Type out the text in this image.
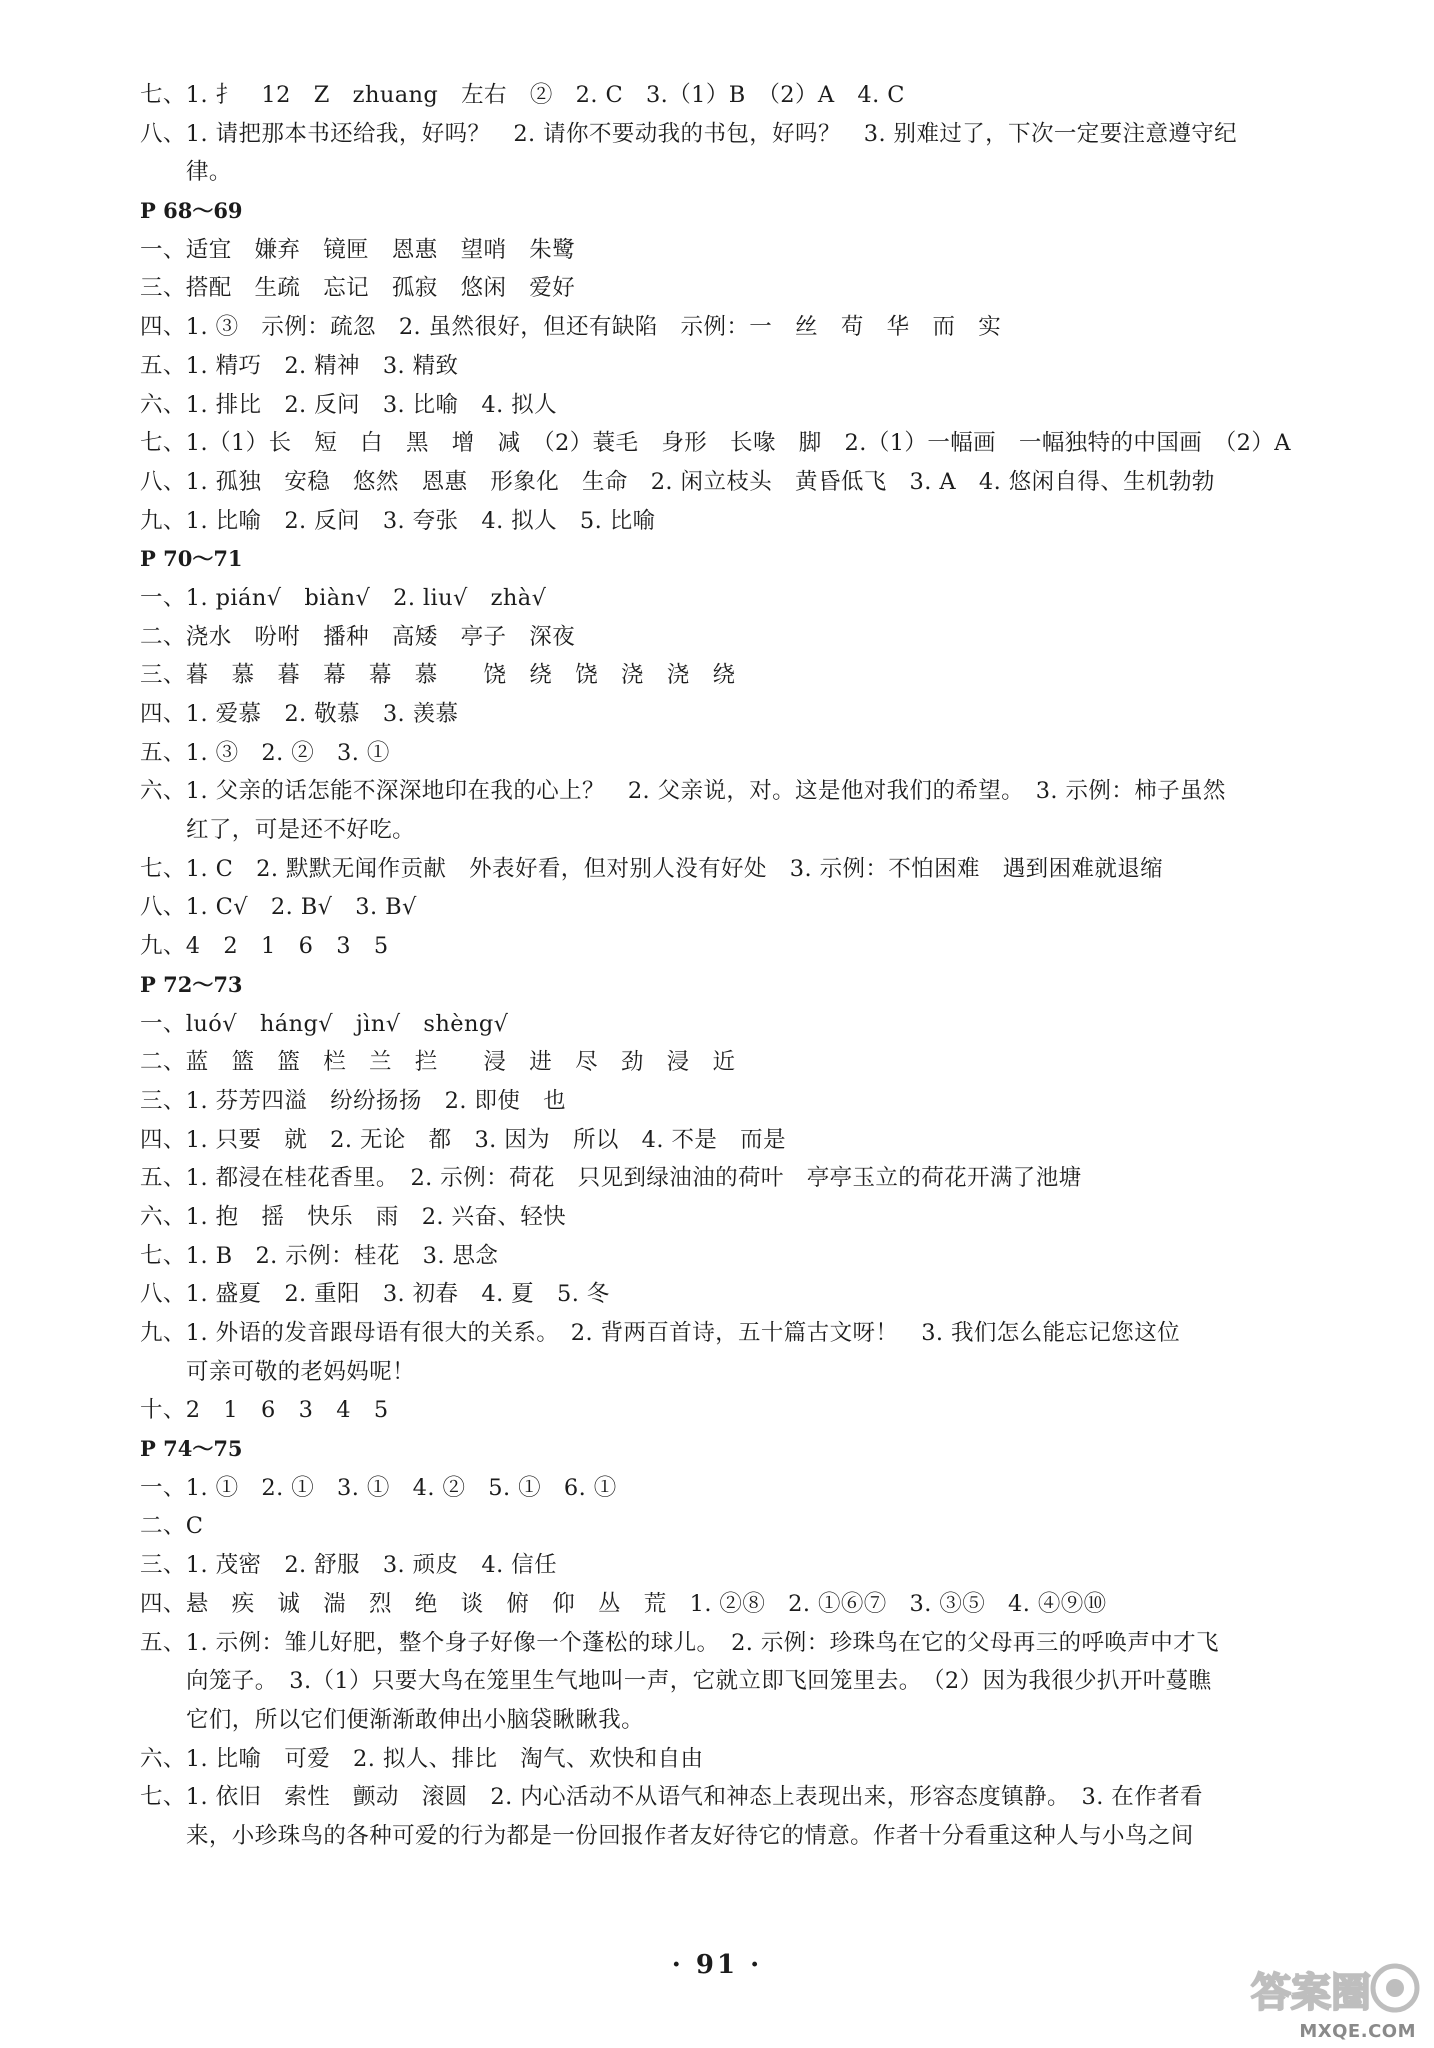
七、1. 扌　12　Z　zhuang　左右　②　2. C　3.（1）B　（2）A　4. C
八、1. 请把那本书还给我，好吗？　2. 请你不要动我的书包，好吗？　3. 别难过了，下次一定要注意遵守纪
律。
P 68～69
一、适宜　嫌弃　镜匣　恩惠　望哨　朱鹭
三、搭配　生疏　忘记　孤寂　悠闲　爱好
四、1. ③　示例：疏忽　2. 虽然很好，但还有缺陷　示例：一　丝　苟　华　而　实
五、1. 精巧　2. 精神　3. 精致
六、1. 排比　2. 反问　3. 比喻　4. 拟人
七、1.（1）长　短　白　黑　增　减　（2）蓑毛　身形　长喙　脚　2.（1）一幅画　一幅独特的中国画　（2）A
八、1. 孤独　安稳　悠然　恩惠　形象化　生命　2. 闲立枝头　黄昏低飞　3. A　4. 悠闲自得、生机勃勃
九、1. 比喻　2. 反问　3. 夸张　4. 拟人　5. 比喻
P 70～71
一、1. pián√　biàn√　2. liu√　zhà√
二、浇水　吩咐　播种　高矮　亭子　深夜
三、暮　慕　暮　幕　幕　慕　　饶　绕　饶　浇　浇　绕
四、1. 爱慕　2. 敬慕　3. 羡慕
五、1. ③　2. ②　3. ①
六、1. 父亲的话怎能不深深地印在我的心上？　2. 父亲说，对。这是他对我们的希望。　3. 示例：柿子虽然
红了，可是还不好吃。
七、1. C　2. 默默无闻作贡献　外表好看，但对别人没有好处　3. 示例：不怕困难　遇到困难就退缩
八、1. C√　2. B√　3. B√
九、4　2　1　6　3　5
P 72～73
一、luó√　háng√　jìn√　shèng√
二、蓝　篮　篮　栏　兰　拦　　浸　进　尽　劲　浸　近
三、1. 芬芳四溢　纷纷扬扬　2. 即使　也
四、1. 只要　就　2. 无论　都　3. 因为　所以　4. 不是　而是
五、1. 都浸在桂花香里。　2. 示例：荷花　只见到绿油油的荷叶　亭亭玉立的荷花开满了池塘
六、1. 抱　摇　快乐　雨　2. 兴奋、轻快
七、1. B　2. 示例：桂花　3. 思念
八、1. 盛夏　2. 重阳　3. 初春　4. 夏　5. 冬
九、1. 外语的发音跟母语有很大的关系。　2. 背两百首诗，五十篇古文呀！　3. 我们怎么能忘记您这位
可亲可敬的老妈妈呢！
十、2　1　6　3　4　5
P 74～75
一、1. ①　2. ①　3. ①　4. ②　5. ①　6. ①
二、C
三、1. 茂密　2. 舒服　3. 顽皮　4. 信任
四、悬　疾　诚　湍　烈　绝　谈　俯　仰　丛　荒　1. ②⑧　2. ①⑥⑦　3. ③⑤　4. ④⑨⑩
五、1. 示例：雏儿好肥，整个身子好像一个蓬松的球儿。　2. 示例：珍珠鸟在它的父母再三的呼唤声中才飞
向笼子。　3.（1）只要大鸟在笼里生气地叫一声，它就立即飞回笼里去。　（2）因为我很少扒开叶蔓瞧
它们，所以它们便渐渐敢伸出小脑袋瞅瞅我。
六、1. 比喻　可爱　2. 拟人、排比　淘气、欢快和自由
七、1. 依旧　索性　颤动　滚圆　2. 内心活动不从语气和神态上表现出来，形容态度镇静。　3. 在作者看
来，小珍珠鸟的各种可爱的行为都是一份回报作者友好待它的情意。作者十分看重这种人与小鸟之间
· 91 ·
答案圈
MXQE.COM
